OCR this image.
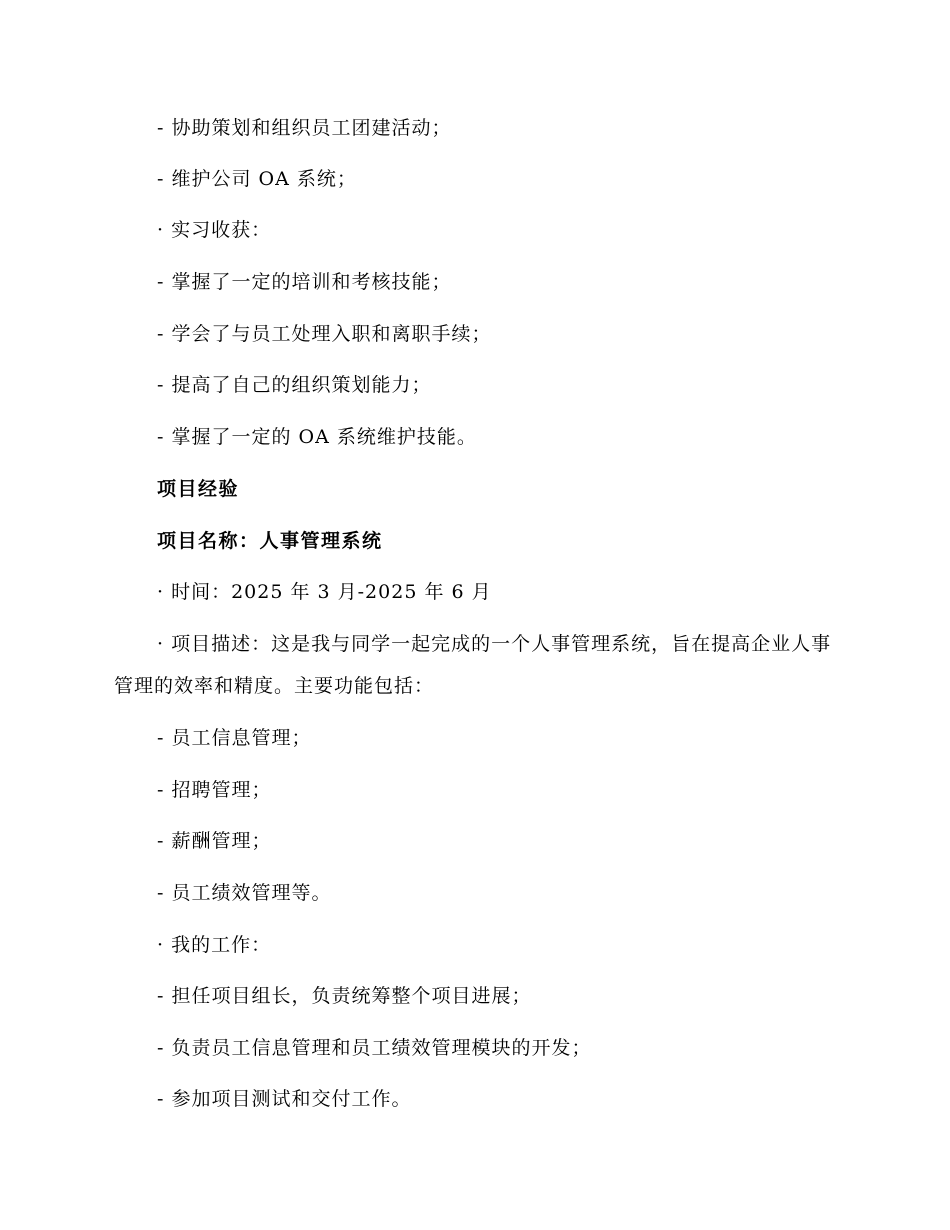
- 协助策划和组织员工团建活动；
- 维护公司 OA 系统；
· 实习收获：
- 掌握了一定的培训和考核技能；
- 学会了与员工处理入职和离职手续；
- 提高了自己的组织策划能力；
- 掌握了一定的 OA 系统维护技能。
项目经验
项目名称：人事管理系统
· 时间：2025 年 3 月-2025 年 6 月
· 项目描述：这是我与同学一起完成的一个人事管理系统，旨在提高企业人事管理的效率和精度。主要功能包括：
- 员工信息管理；
- 招聘管理；
- 薪酬管理；
- 员工绩效管理等。
· 我的工作：
- 担任项目组长，负责统筹整个项目进展；
- 负责员工信息管理和员工绩效管理模块的开发；
- 参加项目测试和交付工作。
